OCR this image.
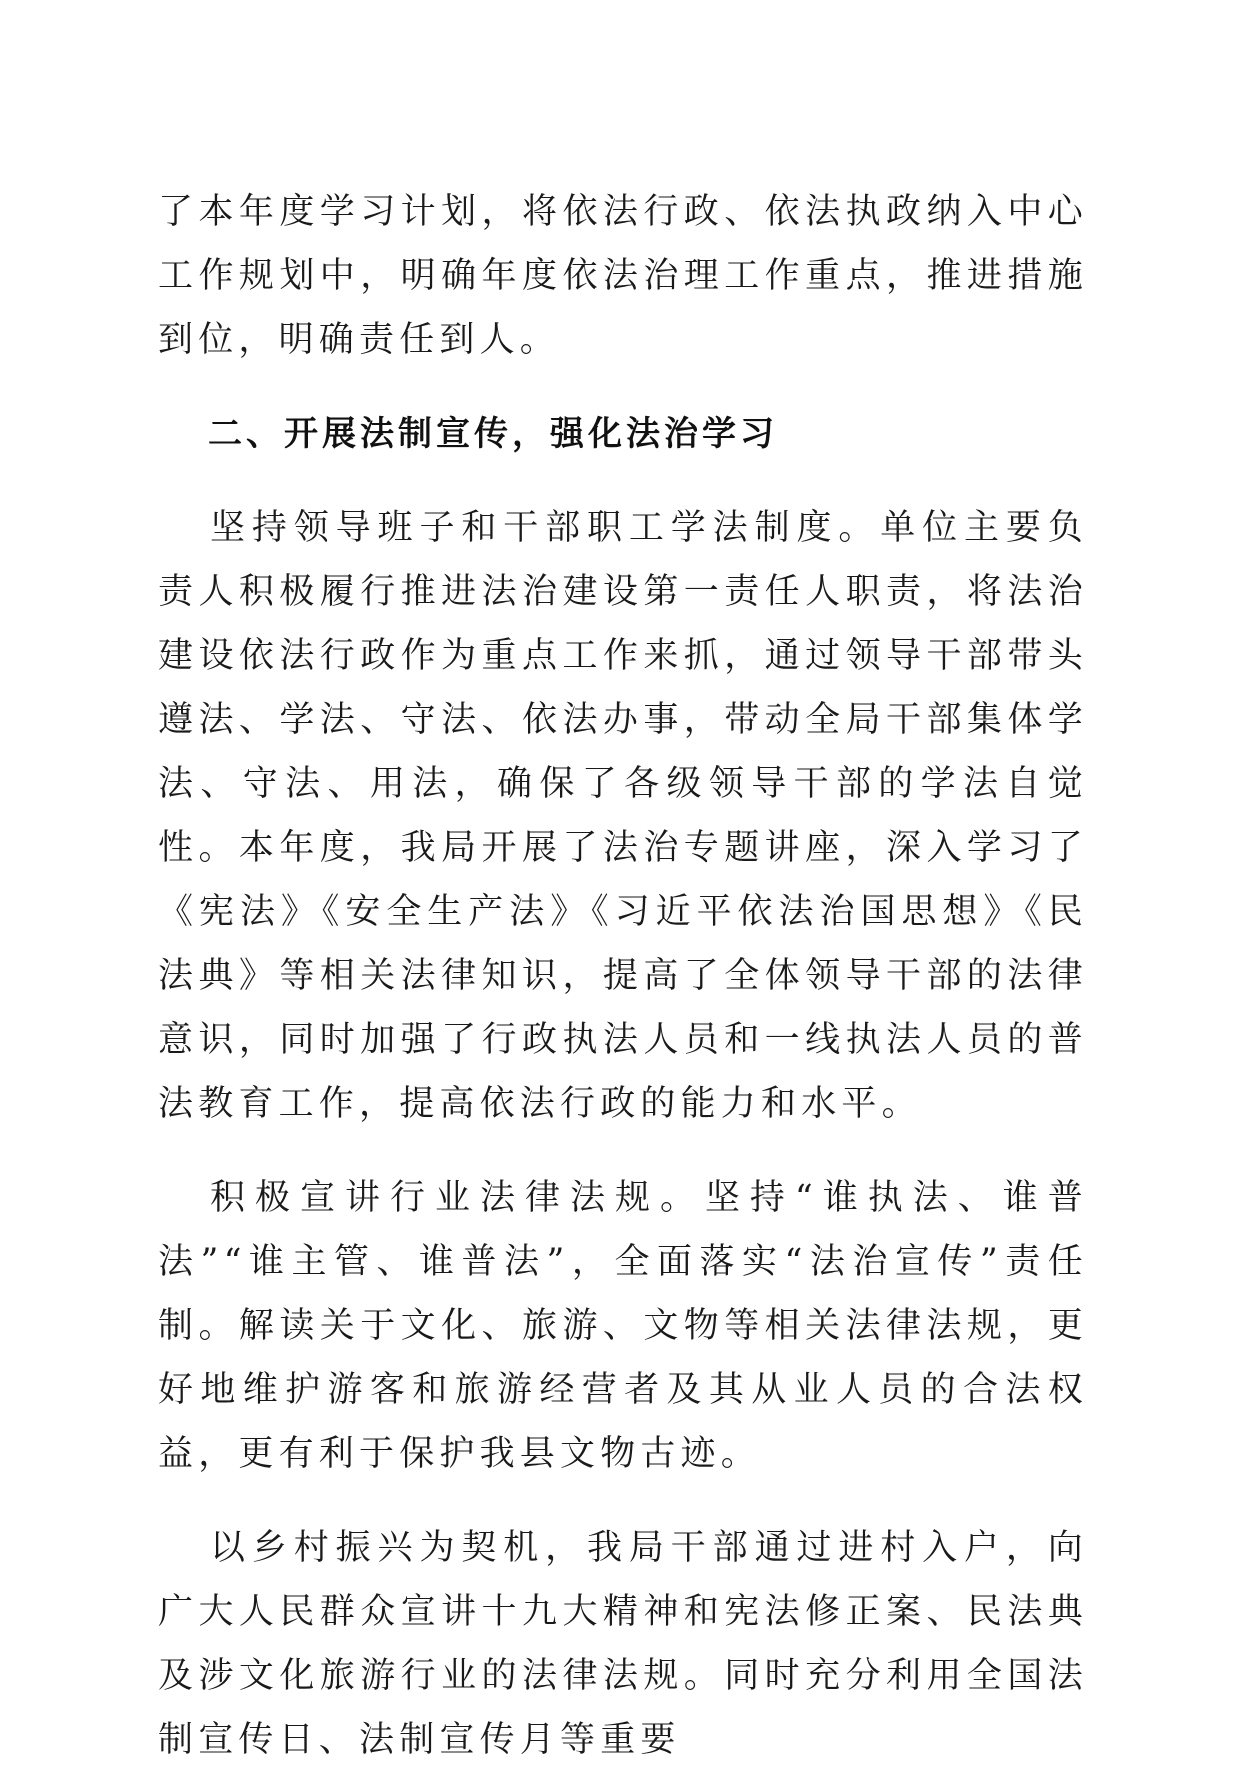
了本年度学习计划，将依法行政、依法执政纳入中心工作规划中，明确年度依法治理工作重点，推进措施到位，明确责任到人。

二、开展法制宣传，强化法治学习

坚持领导班子和干部职工学法制度。单位主要负责人积极履行推进法治建设第一责任人职责，将法治建设依法行政作为重点工作来抓，通过领导干部带头遵法、学法、守法、依法办事，带动全局干部集体学法、守法、用法，确保了各级领导干部的学法自觉性。本年度，我局开展了法治专题讲座，深入学习了《宪法》《安全生产法》《习近平依法治国思想》《民法典》等相关法律知识，提高了全体领导干部的法律意识，同时加强了行政执法人员和一线执法人员的普法教育工作，提高依法行政的能力和水平。

积极宣讲行业法律法规。坚持“谁执法、谁普法”“谁主管、谁普法”，全面落实“法治宣传”责任制。解读关于文化、旅游、文物等相关法律法规，更好地维护游客和旅游经营者及其从业人员的合法权益，更有利于保护我县文物古迹。

以乡村振兴为契机，我局干部通过进村入户，向广大人民群众宣讲十九大精神和宪法修正案、民法典及涉文化旅游行业的法律法规。同时充分利用全国法制宣传日、法制宣传月等重要
